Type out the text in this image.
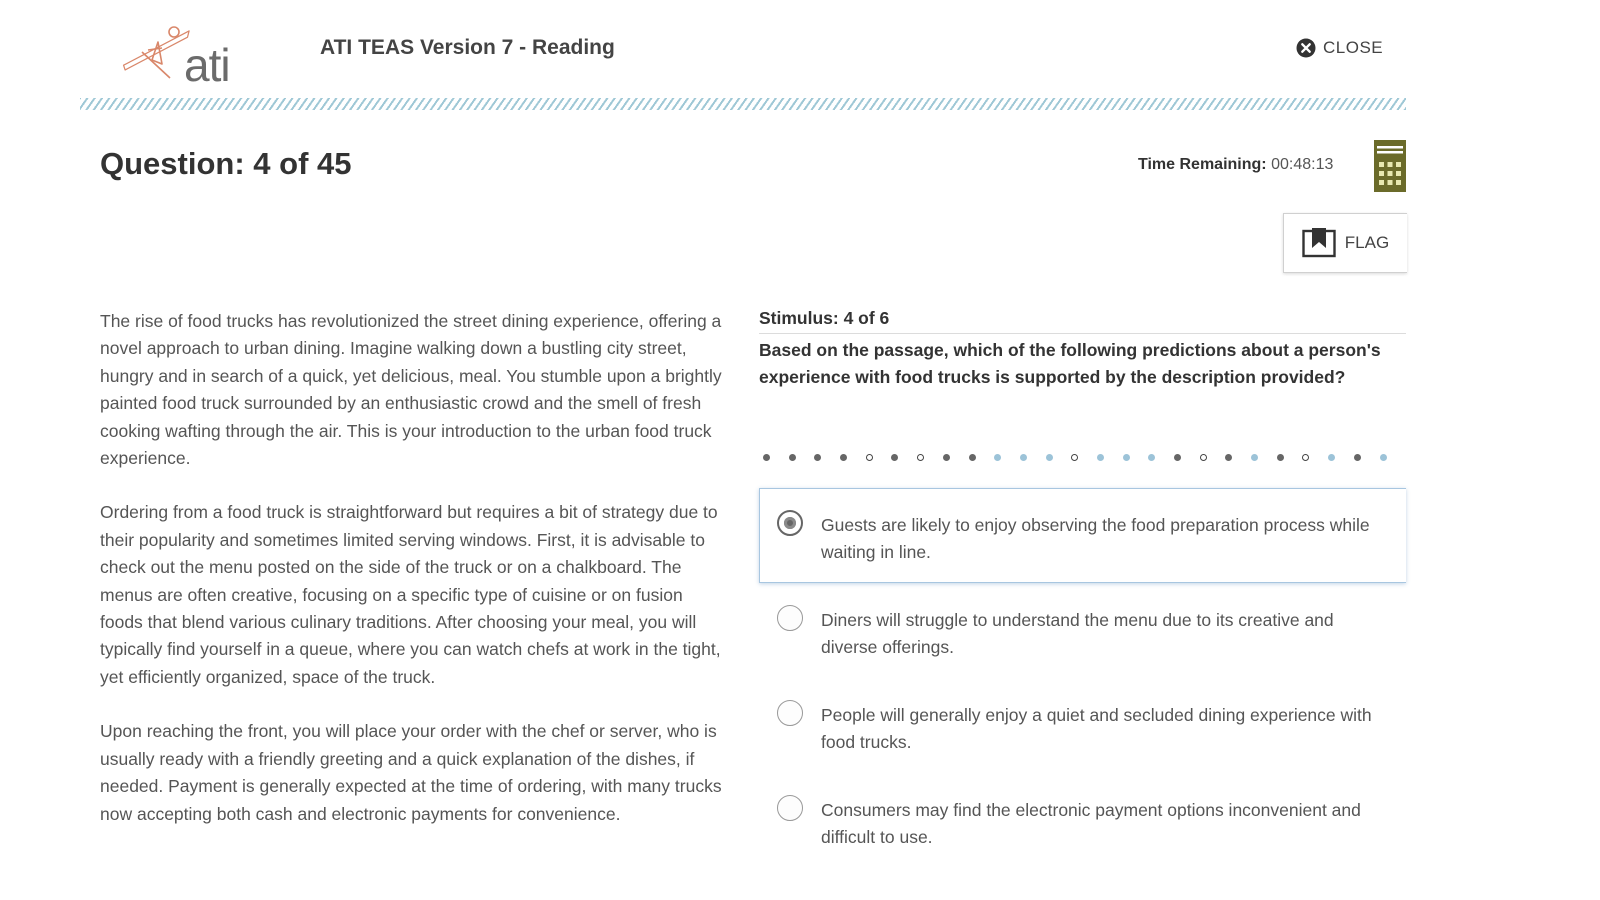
ati	ATI TEAS Version 7 - Reading	CLOSE
Question: 4 of 45	Time Remaining: 00:48:13
FLAG

The rise of food trucks has revolutionized the street dining experience, offering a novel approach to urban dining. Imagine walking down a bustling city street, hungry and in search of a quick, yet delicious, meal. You stumble upon a brightly painted food truck surrounded by an enthusiastic crowd and the smell of fresh cooking wafting through the air. This is your introduction to the urban food truck experience.

Ordering from a food truck is straightforward but requires a bit of strategy due to their popularity and sometimes limited serving windows. First, it is advisable to check out the menu posted on the side of the truck or on a chalkboard. The menus are often creative, focusing on a specific type of cuisine or on fusion foods that blend various culinary traditions. After choosing your meal, you will typically find yourself in a queue, where you can watch chefs at work in the tight, yet efficiently organized, space of the truck.

Upon reaching the front, you will place your order with the chef or server, who is usually ready with a friendly greeting and a quick explanation of the dishes, if needed. Payment is generally expected at the time of ordering, with many trucks now accepting both cash and electronic payments for convenience.

Stimulus: 4 of 6
Based on the passage, which of the following predictions about a person's experience with food trucks is supported by the description provided?
Guests are likely to enjoy observing the food preparation process while waiting in line.
Diners will struggle to understand the menu due to its creative and diverse offerings.
People will generally enjoy a quiet and secluded dining experience with food trucks.
Consumers may find the electronic payment options inconvenient and difficult to use.
